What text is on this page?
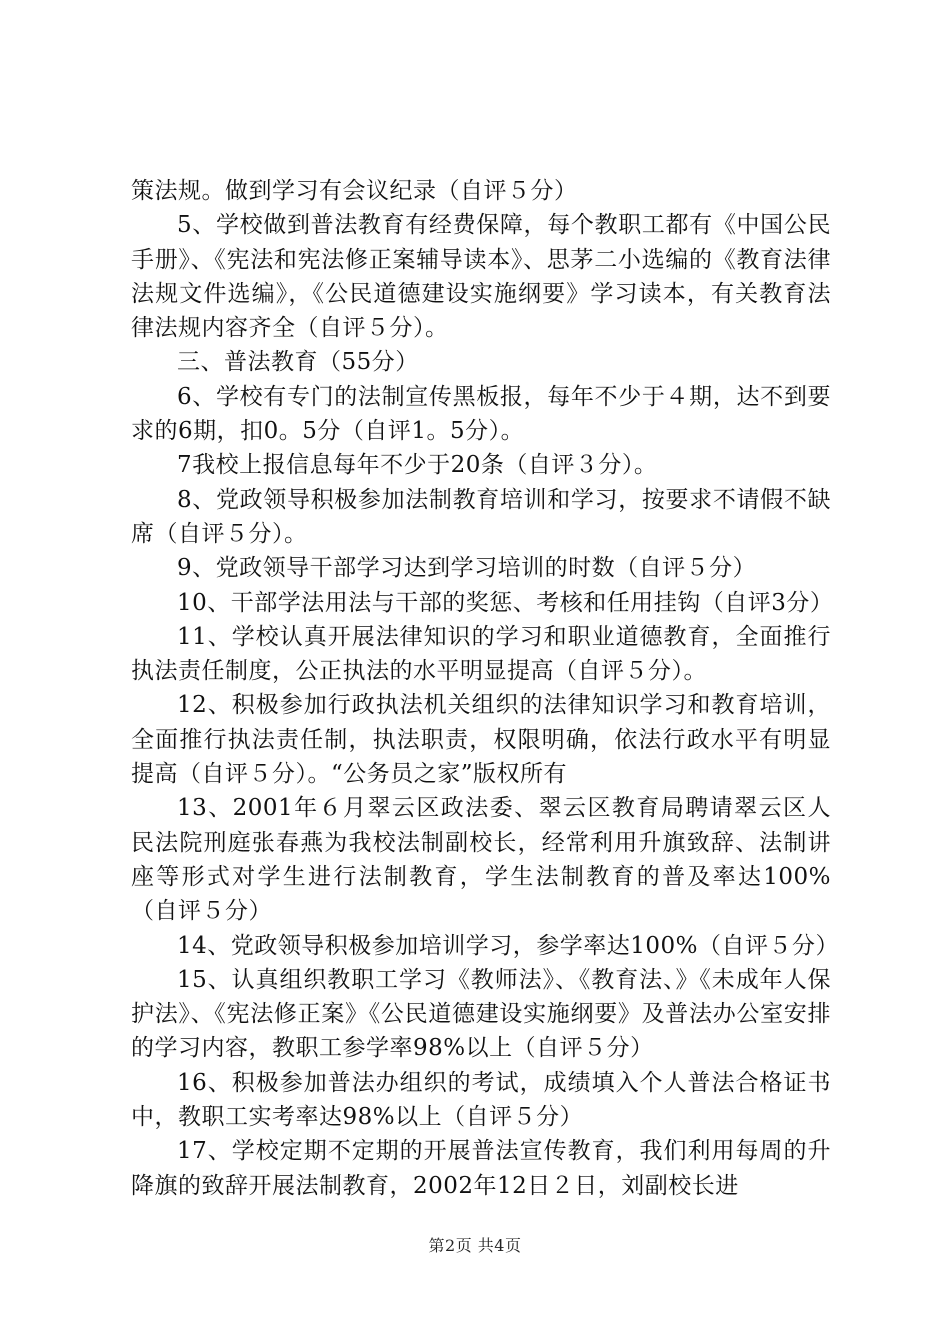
策法规。做到学习有会议纪录（自评５分）

5、学校做到普法教育有经费保障，每个教职工都有《中国公民手册》、《宪法和宪法修正案辅导读本》、思茅二小选编的《教育法律法规文件选编》，《公民道德建设实施纲要》学习读本，有关教育法律法规内容齐全（自评５分）。

三、普法教育（55分）

6、学校有专门的法制宣传黑板报，每年不少于４期，达不到要求的6期，扣0。5分（自评1。5分）。

7我校上报信息每年不少于20条（自评３分）。

8、党政领导积极参加法制教育培训和学习，按要求不请假不缺席（自评５分）。

9、党政领导干部学习达到学习培训的时数（自评５分）

10、干部学法用法与干部的奖惩、考核和任用挂钩（自评3分）

11、学校认真开展法律知识的学习和职业道德教育，全面推行执法责任制度，公正执法的水平明显提高（自评５分）。

12、积极参加行政执法机关组织的法律知识学习和教育培训，全面推行执法责任制，执法职责，权限明确，依法行政水平有明显提高（自评５分）。“公务员之家”版权所有

13、2001年６月翠云区政法委、翠云区教育局聘请翠云区人民法院刑庭张春燕为我校法制副校长，经常利用升旗致辞、法制讲座等形式对学生进行法制教育，学生法制教育的普及率达100%（自评５分）

14、党政领导积极参加培训学习，参学率达100%（自评５分）

15、认真组织教职工学习《教师法》、《教育法、》《未成年人保护法》、《宪法修正案》《公民道德建设实施纲要》及普法办公室安排的学习内容，教职工参学率98%以上（自评５分）

16、积极参加普法办组织的考试，成绩填入个人普法合格证书中，教职工实考率达98%以上（自评５分）

17、学校定期不定期的开展普法宣传教育，我们利用每周的升降旗的致辞开展法制教育，2002年12日２日，刘副校长进

第2页 共4页
